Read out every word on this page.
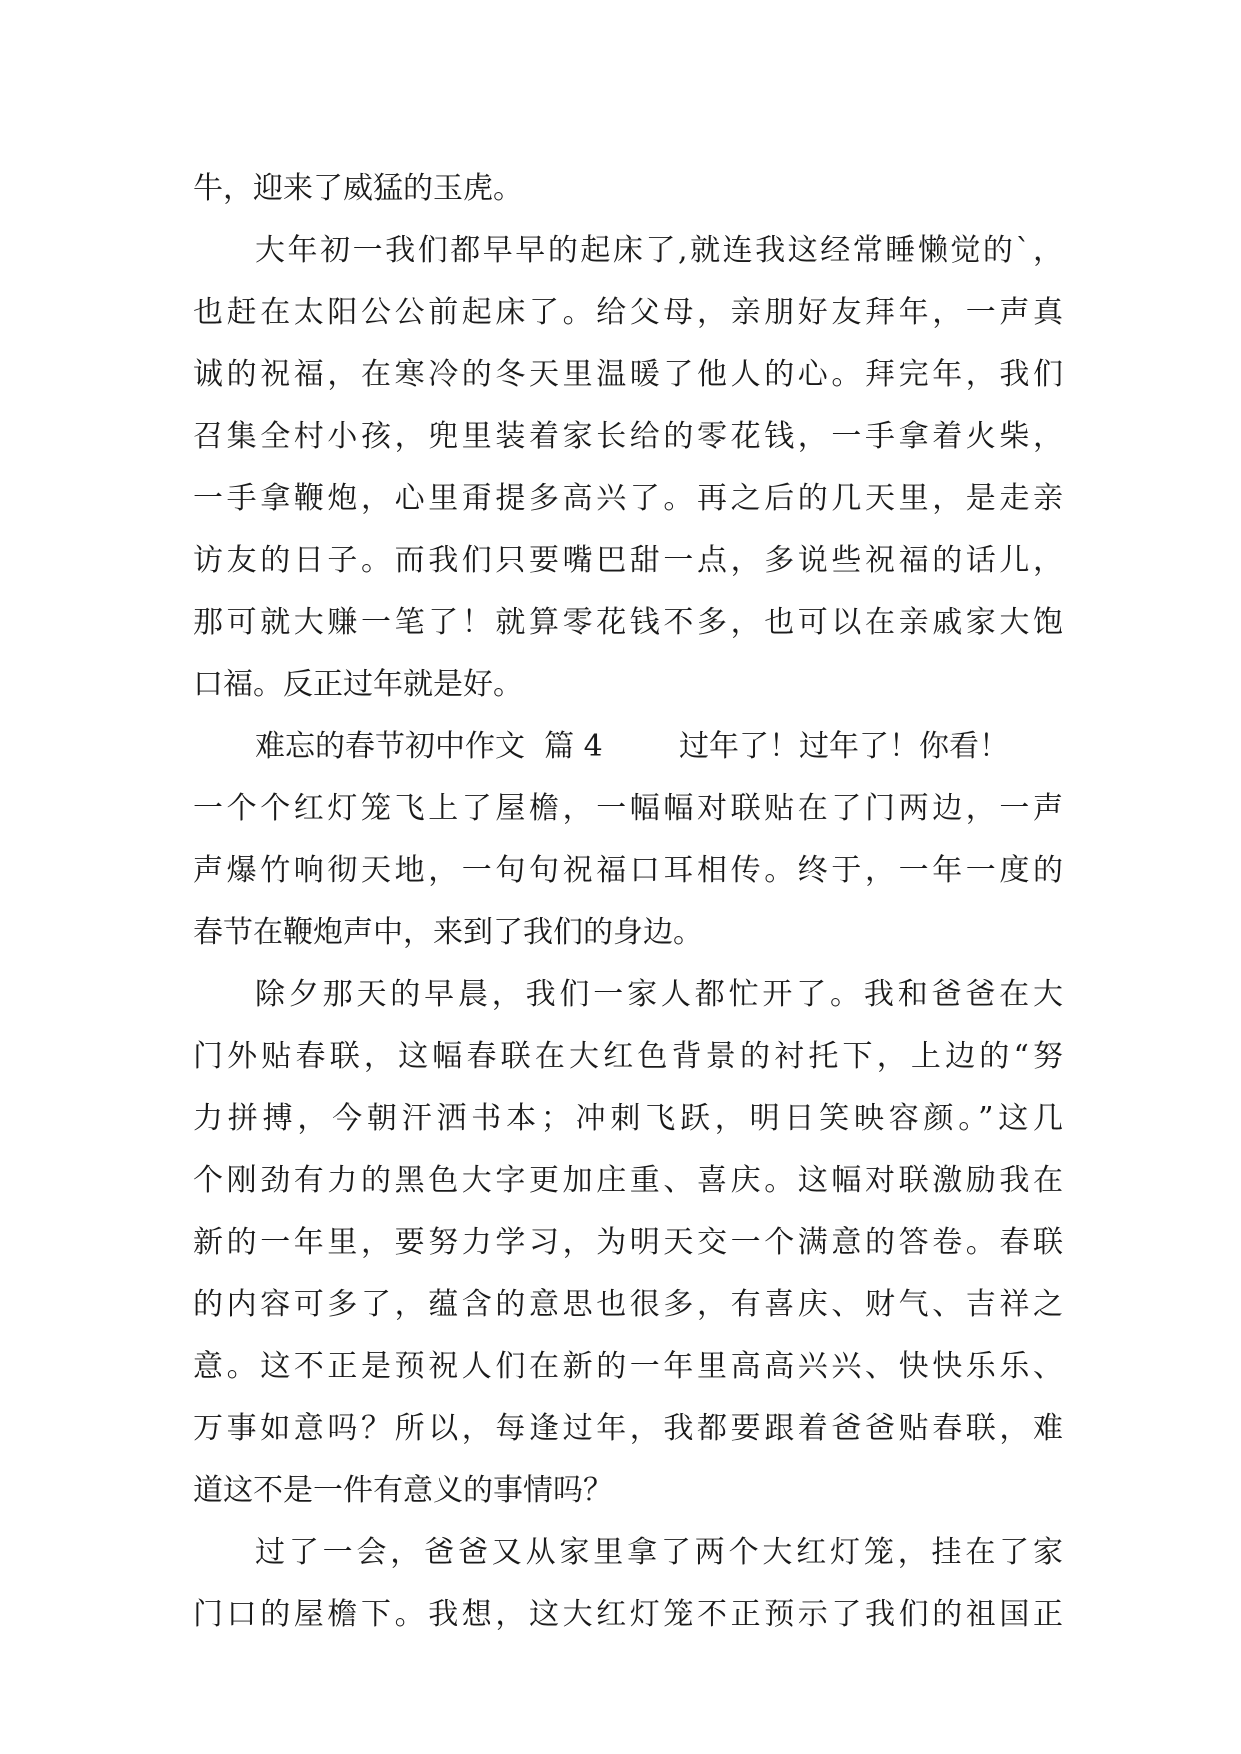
牛，迎来了威猛的玉虎。
大年初一我们都早早的起床了,就连我这经常睡懒觉的`，
也赶在太阳公公前起床了。给父母，亲朋好友拜年，一声真
诚的祝福，在寒冷的冬天里温暖了他人的心。拜完年，我们
召集全村小孩，兜里装着家长给的零花钱，一手拿着火柴，
一手拿鞭炮，心里甭提多高兴了。再之后的几天里，是走亲
访友的日子。而我们只要嘴巴甜一点，多说些祝福的话儿，
那可就大赚一笔了！就算零花钱不多，也可以在亲戚家大饱
口福。反正过年就是好。
难忘的春节初中作文  篇 4        过年了！过年了！你看！
一个个红灯笼飞上了屋檐，一幅幅对联贴在了门两边，一声
声爆竹响彻天地，一句句祝福口耳相传。终于，一年一度的
春节在鞭炮声中，来到了我们的身边。
除夕那天的早晨，我们一家人都忙开了。我和爸爸在大
门外贴春联，这幅春联在大红色背景的衬托下，上边的“努
力拼搏，今朝汗洒书本；冲刺飞跃，明日笑映容颜。”这几
个刚劲有力的黑色大字更加庄重、喜庆。这幅对联激励我在
新的一年里，要努力学习，为明天交一个满意的答卷。春联
的内容可多了，蕴含的意思也很多，有喜庆、财气、吉祥之
意。这不正是预祝人们在新的一年里高高兴兴、快快乐乐、
万事如意吗？所以，每逢过年，我都要跟着爸爸贴春联，难
道这不是一件有意义的事情吗？
过了一会，爸爸又从家里拿了两个大红灯笼，挂在了家
门口的屋檐下。我想，这大红灯笼不正预示了我们的祖国正
